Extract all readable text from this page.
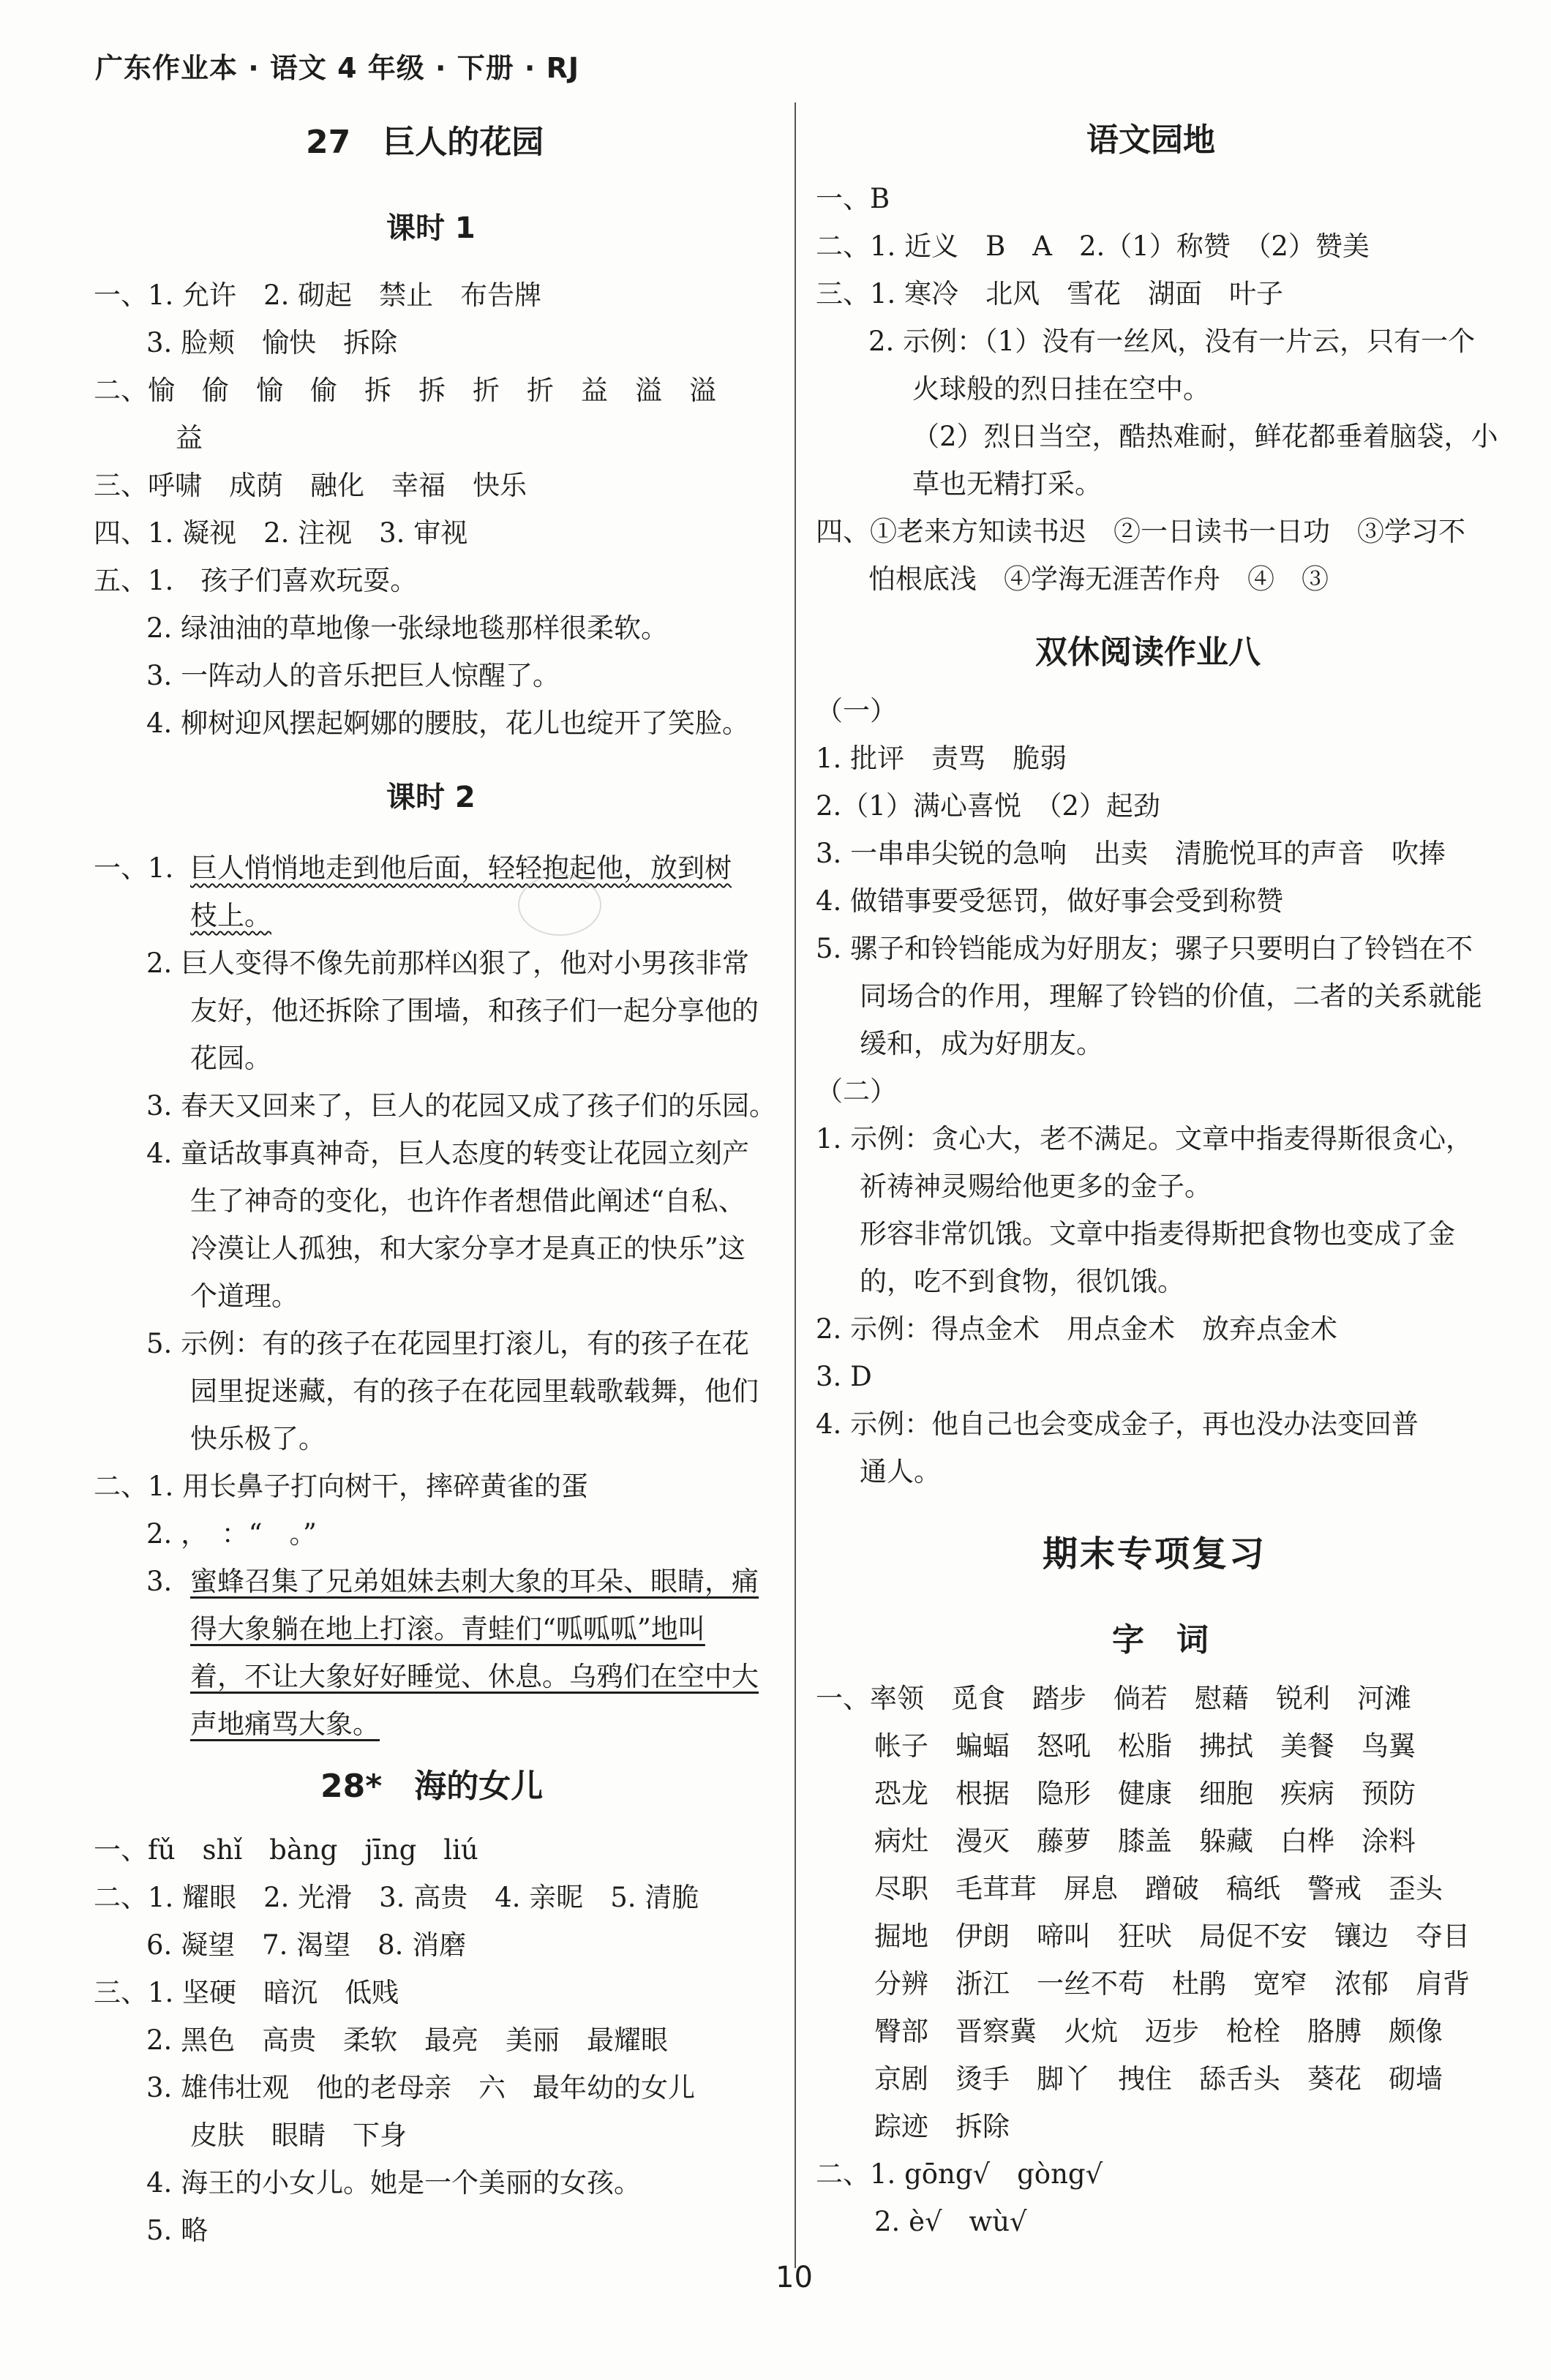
广东作业本 · 语文 4 年级 · 下册 · RJ
27　巨人的花园
课时 1
一、1. 允许　2. 砌起　禁止　布告牌
3. 脸颊　愉快　拆除
二、愉　偷　愉　偷　拆　拆　折　折　益　溢　溢
益
三、呼啸　成荫　融化　幸福　快乐
四、1. 凝视　2. 注视　3. 审视
五、1.　孩子们喜欢玩耍。
2. 绿油油的草地像一张绿地毯那样很柔软。
3. 一阵动人的音乐把巨人惊醒了。
4. 柳树迎风摆起婀娜的腰肢，花儿也绽开了笑脸。
课时 2
一、1. 巨人悄悄地走到他后面，轻轻抱起他，放到树
枝上。
2. 巨人变得不像先前那样凶狠了，他对小男孩非常
友好，他还拆除了围墙，和孩子们一起分享他的
花园。
3. 春天又回来了，巨人的花园又成了孩子们的乐园。
4. 童话故事真神奇，巨人态度的转变让花园立刻产
生了神奇的变化，也许作者想借此阐述“自私、
冷漠让人孤独，和大家分享才是真正的快乐”这
个道理。
5. 示例：有的孩子在花园里打滚儿，有的孩子在花
园里捉迷藏，有的孩子在花园里载歌载舞，他们
快乐极了。
二、1. 用长鼻子打向树干，摔碎黄雀的蛋
2. ，　：“　。”
3. 蜜蜂召集了兄弟姐妹去刺大象的耳朵、眼睛，痛
得大象躺在地上打滚。青蛙们“呱呱呱”地叫
着，不让大象好好睡觉、休息。乌鸦们在空中大
声地痛骂大象。
28*　海的女儿
一、fǔ　shǐ　bàng　jīng　liú
二、1. 耀眼　2. 光滑　3. 高贵　4. 亲昵　5. 清脆
6. 凝望　7. 渴望　8. 消磨
三、1. 坚硬　暗沉　低贱
2. 黑色　高贵　柔软　最亮　美丽　最耀眼
3. 雄伟壮观　他的老母亲　六　最年幼的女儿
皮肤　眼睛　下身
4. 海王的小女儿。她是一个美丽的女孩。
5. 略
语文园地
一、B
二、1. 近义　B　A　2.（1）称赞　（2）赞美
三、1. 寒冷　北风　雪花　湖面　叶子
2. 示例：（1）没有一丝风，没有一片云，只有一个
火球般的烈日挂在空中。
（2）烈日当空，酷热难耐，鲜花都垂着脑袋，小
草也无精打采。
四、①老来方知读书迟　②一日读书一日功　③学习不
怕根底浅　④学海无涯苦作舟　④　③
双休阅读作业八
（一）
1. 批评　责骂　脆弱
2.（1）满心喜悦　（2）起劲
3. 一串串尖锐的急响　出卖　清脆悦耳的声音　吹捧
4. 做错事要受惩罚，做好事会受到称赞
5. 骡子和铃铛能成为好朋友；骡子只要明白了铃铛在不
同场合的作用，理解了铃铛的价值，二者的关系就能
缓和，成为好朋友。
（二）
1. 示例：贪心大，老不满足。文章中指麦得斯很贪心，
祈祷神灵赐给他更多的金子。
形容非常饥饿。文章中指麦得斯把食物也变成了金
的，吃不到食物，很饥饿。
2. 示例：得点金术　用点金术　放弃点金术
3. D
4. 示例：他自己也会变成金子，再也没办法变回普
通人。
期末专项复习
字　词
一、率领　觅食　踏步　倘若　慰藉　锐利　河滩
帐子　蝙蝠　怒吼　松脂　拂拭　美餐　鸟翼
恐龙　根据　隐形　健康　细胞　疾病　预防
病灶　漫灭　藤萝　膝盖　躲藏　白桦　涂料
尽职　毛茸茸　屏息　蹭破　稿纸　警戒　歪头
掘地　伊朗　啼叫　狂吠　局促不安　镶边　夺目
分辨　浙江　一丝不苟　杜鹃　宽窄　浓郁　肩背
臀部　晋察冀　火炕　迈步　枪栓　胳膊　颇像
京剧　烫手　脚丫　拽住　舔舌头　葵花　砌墙
踪迹　拆除
二、1. gōng√　gòng√
2. è√　wù√
10
